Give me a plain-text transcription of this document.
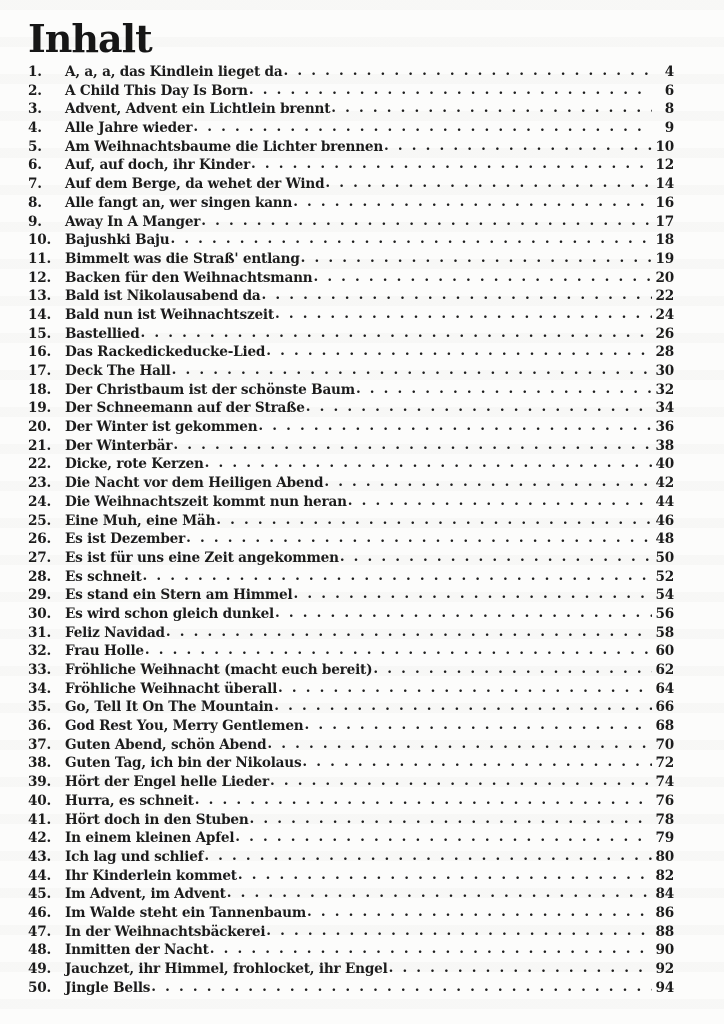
Inhalt
1.	A, a, a, das Kindlein lieget da . . .	4
2.	A Child This Day Is Born . . .	6
3.	Advent, Advent ein Lichtlein brennt . . .	8
4.	Alle Jahre wieder . . .	9
5.	Am Weihnachtsbaume die Lichter brennen . . .	10
6.	Auf, auf doch, ihr Kinder . . .	12
7.	Auf dem Berge, da wehet der Wind . . .	14
8.	Alle fangt an, wer singen kann . . .	16
9.	Away In A Manger . . .	17
10.	Bajushki Baju . . .	18
11.	Bimmelt was die Straß' entlang . . .	19
12.	Backen für den Weihnachtsmann . . .	20
13.	Bald ist Nikolausabend da . . .	22
14.	Bald nun ist Weihnachtszeit . . .	24
15.	Bastellied . . .	26
16.	Das Rackedickeducke-Lied . . .	28
17.	Deck The Hall . . .	30
18.	Der Christbaum ist der schönste Baum . . .	32
19.	Der Schneemann auf der Straße . . .	34
20.	Der Winter ist gekommen . . .	36
21.	Der Winterbär . . .	38
22.	Dicke, rote Kerzen . . .	40
23.	Die Nacht vor dem Heiligen Abend . . .	42
24.	Die Weihnachtszeit kommt nun heran . . .	44
25.	Eine Muh, eine Mäh . . .	46
26.	Es ist Dezember . . .	48
27.	Es ist für uns eine Zeit angekommen . . .	50
28.	Es schneit . . .	52
29.	Es stand ein Stern am Himmel . . .	54
30.	Es wird schon gleich dunkel . . .	56
31.	Feliz Navidad . . .	58
32.	Frau Holle . . .	60
33.	Fröhliche Weihnacht (macht euch bereit) . . .	62
34.	Fröhliche Weihnacht überall . . .	64
35.	Go, Tell It On The Mountain . . .	66
36.	God Rest You, Merry Gentlemen . . .	68
37.	Guten Abend, schön Abend . . .	70
38.	Guten Tag, ich bin der Nikolaus . . .	72
39.	Hört der Engel helle Lieder . . .	74
40.	Hurra, es schneit . . .	76
41.	Hört doch in den Stuben . . .	78
42.	In einem kleinen Apfel . . .	79
43.	Ich lag und schlief . . .	80
44.	Ihr Kinderlein kommet . . .	82
45.	Im Advent, im Advent . . .	84
46.	Im Walde steht ein Tannenbaum . . .	86
47.	In der Weihnachtsbäckerei . . .	88
48.	Inmitten der Nacht . . .	90
49.	Jauchzet, ihr Himmel, frohlocket, ihr Engel . . .	92
50.	Jingle Bells . . .	94
